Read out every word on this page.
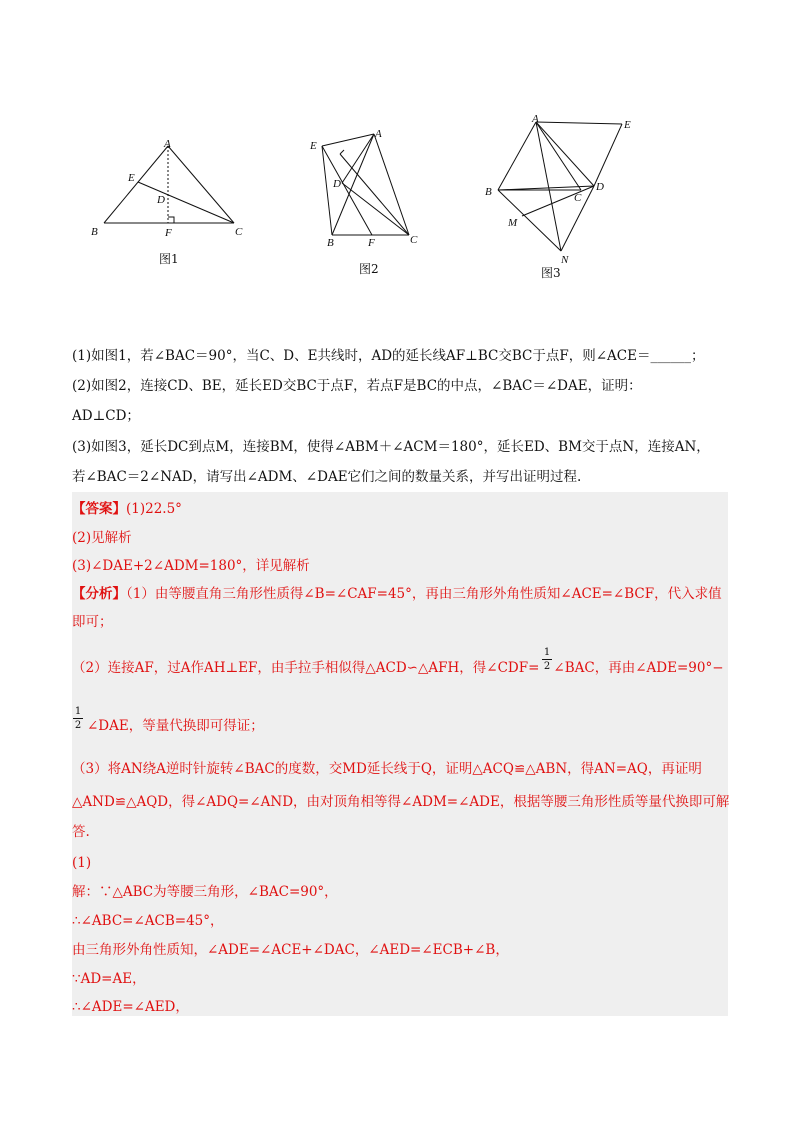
A
E
D
B	F	C
图1
E
A
D
B	F	C
图2
A	E
B	C
D
M
N
图3
(1)如图1，若∠BAC＝90°，当C、D、E共线时，AD的延长线AF⊥BC交BC于点F，则∠ACE＝______；
(2)如图2，连接CD、BE，延长ED交BC于点F，若点F是BC的中点，∠BAC＝∠DAE，证明：
AD⊥CD；
(3)如图3，延长DC到点M，连接BM，使得∠ABM＋∠ACM＝180°，延长ED、BM交于点N，连接AN，
若∠BAC＝2∠NAD，请写出∠ADM、∠DAE它们之间的数量关系，并写出证明过程.
【答案】(1)22.5°
(2)见解析
(3)∠DAE+2∠ADM=180°，详见解析
【分析】（1）由等腰直角三角形性质得∠B=∠CAF=45°，再由三角形外角性质知∠ACE=∠BCF，代入求值
即可；
（2）连接AF，过A作AH⊥EF，由手拉手相似得△ACD∽△AFH，得∠CDF= ∠BAC，再由∠ADE=90°−
1
2
1
2 ∠DAE，等量代换即可得证；
（3）将AN绕A逆时针旋转∠BAC的度数，交MD延长线于Q，证明△ACQ≌△ABN，得AN=AQ，再证明
△AND≌△AQD，得∠ADQ=∠AND，由对顶角相等得∠ADM=∠ADE，根据等腰三角形性质等量代换即可解
答.
(1)
解：∵△ABC为等腰三角形，∠BAC=90°，
∴∠ABC=∠ACB=45°，
由三角形外角性质知，∠ADE=∠ACE+∠DAC，∠AED=∠ECB+∠B，
∵AD=AE，
∴∠ADE=∠AED，
